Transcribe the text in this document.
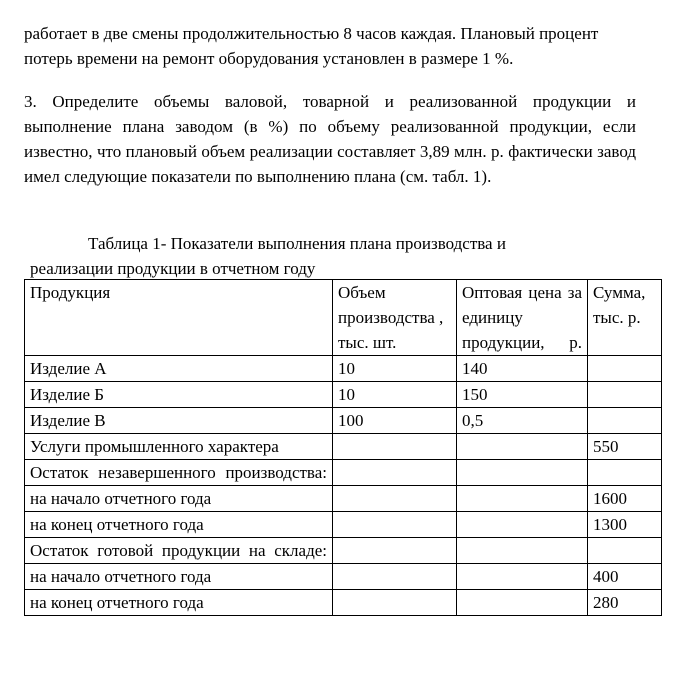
работает в две смены продолжительностью 8 часов каждая. Плановый процент потерь времени на ремонт оборудования установлен в размере 1 %.

3. Определите объемы валовой, товарной и реализованной продукции и выполнение плана заводом (в %) по объему реализованной продукции, если известно, что плановый объем реализации составляет 3,89 млн. р. фактически завод имел следующие показатели по выполнению плана (см. табл. 1).

Таблица 1- Показатели выполнения плана производства и
реализации продукции в отчетном году

Продукция	Объем производства , тыс. шт.	Оптовая цена за единицу продукции, р.	Сумма, тыс. р.
Изделие А	10	140	
Изделие Б	10	150	
Изделие В	100	0,5	
Услуги промышленного характера			550
Остаток незавершенного производства:			
на начало отчетного года			1600
на конец отчетного года			1300
Остаток готовой продукции на складе:			
на начало отчетного года			400
на конец отчетного года			280
